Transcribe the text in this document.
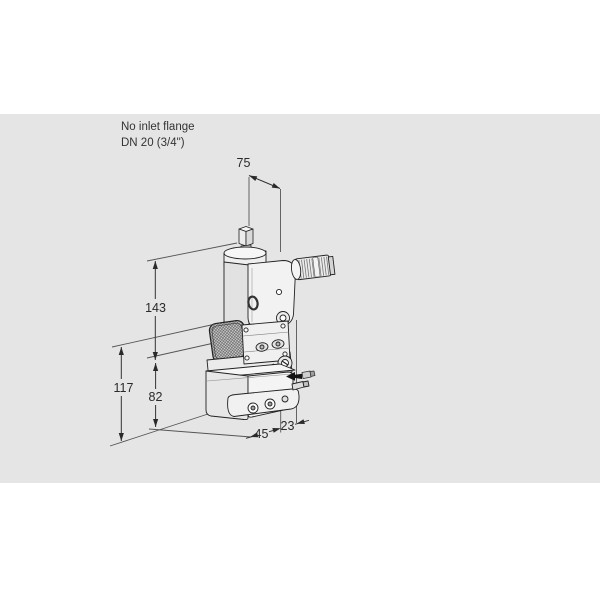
No inlet flange
DN 20 (3/4")
75
143
117
82
45
23
